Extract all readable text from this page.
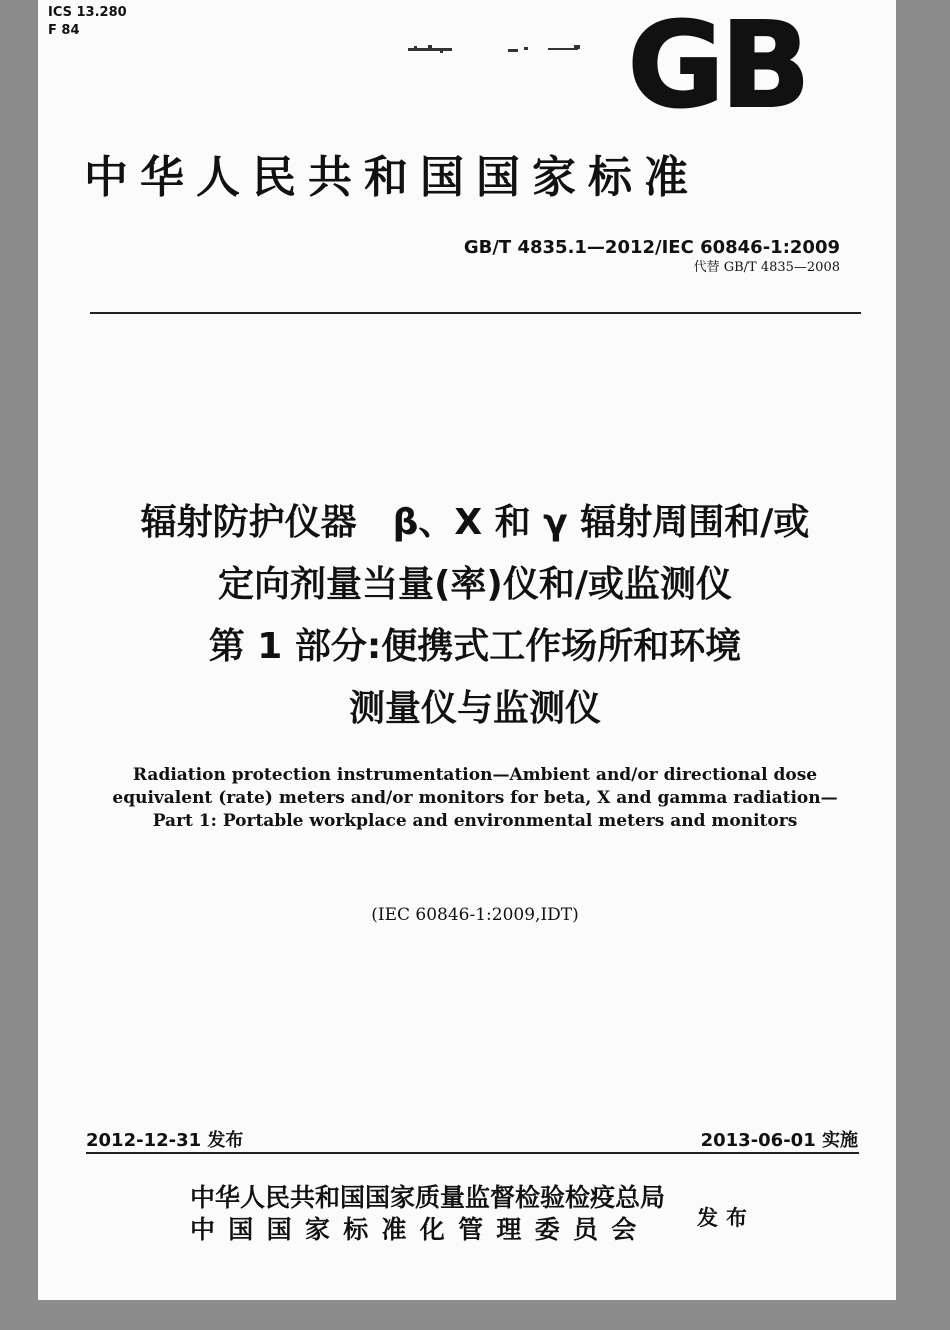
ICS 13.280
F 84	GB
中华人民共和国国家标准
GB/T 4835.1—2012/IEC 60846-1:2009
代替 GB/T 4835—2008
辐射防护仪器　β、X 和 γ 辐射周围和/或
定向剂量当量(率)仪和/或监测仪
第 1 部分:便携式工作场所和环境
测量仪与监测仪
Radiation protection instrumentation—Ambient and/or directional dose
equivalent (rate) meters and/or monitors for beta, X and gamma radiation—
Part 1: Portable workplace and environmental meters and monitors
(IEC 60846-1:2009,IDT)
2012-12-31 发布	2013-06-01 实施
中华人民共和国国家质量监督检验检疫总局
中国国家标准化管理委员会	发布
